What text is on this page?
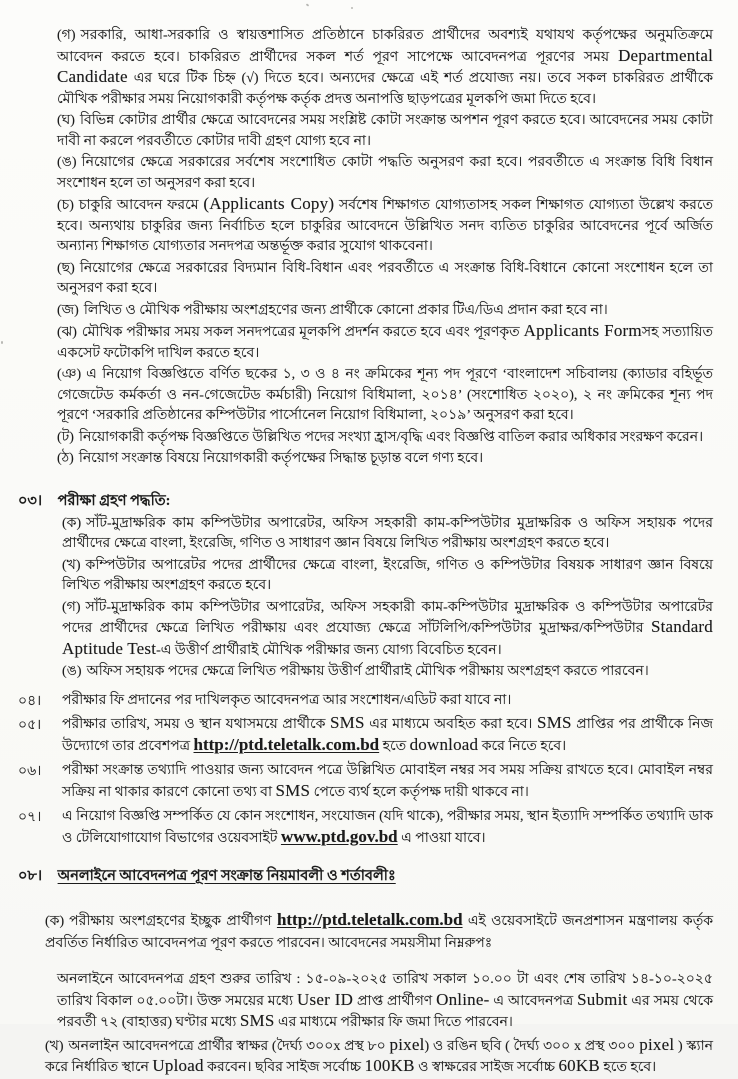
(গ) সরকারি, আধা-সরকারি ও স্বায়ত্তশাসিত প্রতিষ্ঠানে চাকরিরত প্রার্থীদের অবশ্যই যথাযথ কর্তৃপক্ষের অনুমতিক্রমে আবেদন করতে হবে। চাকরিরত প্রার্থীদের সকল শর্ত পূরণ সাপেক্ষে আবেদনপত্র পূরণের সময় Departmental Candidate এর ঘরে টিক চিহ্ন (√) দিতে হবে। অন্যদের ক্ষেত্রে এই শর্ত প্রযোজ্য নয়। তবে সকল চাকরিরত প্রার্থীকে মৌখিক পরীক্ষার সময় নিয়োগকারী কর্তৃপক্ষ কর্তৃক প্রদত্ত অনাপত্তি ছাড়পত্রের মূলকপি জমা দিতে হবে।

(ঘ) বিভিন্ন কোটার প্রার্থীর ক্ষেত্রে আবেদনের সময় সংশ্লিষ্ট কোটা সংক্রান্ত অপশন পূরণ করতে হবে। আবেদনের সময় কোটা দাবী না করলে পরবর্তীতে কোটার দাবী গ্রহণ যোগ্য হবে না।

(ঙ) নিয়োগের ক্ষেত্রে সরকারের সর্বশেষ সংশোধিত কোটা পদ্ধতি অনুসরণ করা হবে। পরবর্তীতে এ সংক্রান্ত বিধি বিধান সংশোধন হলে তা অনুসরণ করা হবে।

(চ) চাকুরি আবেদন ফরমে (Applicants Copy) সর্বশেষ শিক্ষাগত যোগ্যতাসহ সকল শিক্ষাগত যোগ্যতা উল্লেখ করতে হবে। অন্যথায় চাকুরির জন্য নির্বাচিত হলে চাকুরির আবেদনে উল্লিখিত সনদ ব্যতিত চাকুরির আবেদনের পূর্বে অর্জিত অন্যান্য শিক্ষাগত যোগ্যতার সনদপত্র অন্তর্ভূক্ত করার সুযোগ থাকবেনা।

(ছ) নিয়োগের ক্ষেত্রে সরকারের বিদ্যমান বিধি-বিধান এবং পরবর্তীতে এ সংক্রান্ত বিধি-বিধানে কোনো সংশোধন হলে তা অনুসরণ করা হবে।

(জ) লিখিত ও মৌখিক পরীক্ষায় অংশগ্রহণের জন্য প্রার্থীকে কোনো প্রকার টিএ/ডিএ প্রদান করা হবে না।

(ঝ) মৌখিক পরীক্ষার সময় সকল সনদপত্রের মূলকপি প্রদর্শন করতে হবে এবং পূরণকৃত Applicants Formসহ সত্যায়িত একসেট ফটোকপি দাখিল করতে হবে।

(ঞ) এ নিয়োগ বিজ্ঞপ্তিতে বর্ণিত ছকের ১, ৩ ও ৪ নং ক্রমিকের শূন্য পদ পূরণে ‘বাংলাদেশ সচিবালয় (ক্যাডার বহির্ভূত গেজেটেড কর্মকর্তা ও নন-গেজেটেড কর্মচারী) নিয়োগ বিধিমালা, ২০১৪’ (সংশোধিত ২০২০), ২ নং ক্রমিকের শূন্য পদ পূরণে ‘সরকারি প্রতিষ্ঠানের কম্পিউটার পার্সোনেল নিয়োগ বিধিমালা, ২০১৯’ অনুসরণ করা হবে।

(ট) নিয়োগকারী কর্তৃপক্ষ বিজ্ঞপ্তিতে উল্লিখিত পদের সংখ্যা হ্রাস/বৃদ্ধি এবং বিজ্ঞপ্তি বাতিল করার অধিকার সংরক্ষণ করেন।

(ঠ) নিয়োগ সংক্রান্ত বিষয়ে নিয়োগকারী কর্তৃপক্ষের সিদ্ধান্ত চূড়ান্ত বলে গণ্য হবে।

০৩। পরীক্ষা গ্রহণ পদ্ধতি:

(ক) সাঁট-মুদ্রাক্ষরিক কাম কম্পিউটার অপারেটর, অফিস সহকারী কাম-কম্পিউটার মুদ্রাক্ষরিক ও অফিস সহায়ক পদের প্রার্থীদের ক্ষেত্রে বাংলা, ইংরেজি, গণিত ও সাধারণ জ্ঞান বিষয়ে লিখিত পরীক্ষায় অংশগ্রহণ করতে হবে।

(খ) কম্পিউটার অপারেটর পদের প্রার্থীদের ক্ষেত্রে বাংলা, ইংরেজি, গণিত ও কম্পিউটার বিষয়ক সাধারণ জ্ঞান বিষয়ে লিখিত পরীক্ষায় অংশগ্রহণ করতে হবে।

(গ) সাঁট-মুদ্রাক্ষরিক কাম কম্পিউটার অপারেটর, অফিস সহকারী কাম-কম্পিউটার মুদ্রাক্ষরিক ও কম্পিউটার অপারেটর পদের প্রার্থীদের ক্ষেত্রে লিখিত পরীক্ষায় এবং প্রযোজ্য ক্ষেত্রে সাঁটলিপি/কম্পিউটার মুদ্রাক্ষর/কম্পিউটার Standard Aptitude Test-এ উত্তীর্ণ প্রার্থীরাই মৌখিক পরীক্ষার জন্য যোগ্য বিবেচিত হবেন।

(ঙ) অফিস সহায়ক পদের ক্ষেত্রে লিখিত পরীক্ষায় উত্তীর্ণ প্রার্থীরাই মৌখিক পরীক্ষায় অংশগ্রহণ করতে পারবেন।

০৪। পরীক্ষার ফি প্রদানের পর দাখিলকৃত আবেদনপত্র আর সংশোধন/এডিট করা যাবে না।

০৫। পরীক্ষার তারিখ, সময় ও স্থান যথাসময়ে প্রার্থীকে SMS এর মাধ্যমে অবহিত করা হবে। SMS প্রাপ্তির পর প্রার্থীকে নিজ উদ্যোগে তার প্রবেশপত্র http://ptd.teletalk.com.bd হতে download করে নিতে হবে।

০৬। পরীক্ষা সংক্রান্ত তথ্যাদি পাওয়ার জন্য আবেদন পত্রে উল্লিখিত মোবাইল নম্বর সব সময় সক্রিয় রাখতে হবে। মোবাইল নম্বর সক্রিয় না থাকার কারণে কোনো তথ্য বা SMS পেতে ব্যর্থ হলে কর্তৃপক্ষ দায়ী থাকবে না।

০৭। এ নিয়োগ বিজ্ঞপ্তি সম্পর্কিত যে কোন সংশোধন, সংযোজন (যদি থাকে), পরীক্ষার সময়, স্থান ইত্যাদি সম্পর্কিত তথ্যাদি ডাক ও টেলিযোগাযোগ বিভাগের ওয়েবসাইট www.ptd.gov.bd এ পাওয়া যাবে।

০৮। অনলাইনে আবেদনপত্র পূরণ সংক্রান্ত নিয়মাবলী ও শর্তাবলীঃ

(ক) পরীক্ষায় অংশগ্রহণের ইচ্ছুক প্রার্থীগণ http://ptd.teletalk.com.bd এই ওয়েবসাইটে জনপ্রশাসন মন্ত্রণালয় কর্তৃক প্রবর্তিত নির্ধারিত আবেদনপত্র পূরণ করতে পারবেন। আবেদনের সময়সীমা নিম্নরুপঃ

অনলাইনে আবেদনপত্র গ্রহণ শুরুর তারিখ : ১৫-০৯-২০২৫ তারিখ সকাল ১০.০০ টা এবং শেষ তারিখ ১৪-১০-২০২৫ তারিখ বিকাল ০৫.০০টা। উক্ত সময়ের মধ্যে User ID প্রাপ্ত প্রার্থীগণ Online- এ আবেদনপত্র Submit এর সময় থেকে পরবর্তী ৭২ (বাহাত্তর) ঘণ্টার মধ্যে SMS এর মাধ্যমে পরীক্ষার ফি জমা দিতে পারবেন।

(খ) অনলাইন আবেদনপত্রে প্রার্থীর স্বাক্ষর (দৈর্ঘ্য ৩০০x প্রস্থ ৮০ pixel) ও রঙিন ছবি ( দৈর্ঘ্য ৩০০ x প্রস্থ ৩০০ pixel ) স্ক্যান করে নির্ধারিত স্থানে Upload করবেন। ছবির সাইজ সর্বোচ্চ 100KB ও স্বাক্ষরের সাইজ সর্বোচ্চ 60KB হতে হবে।
